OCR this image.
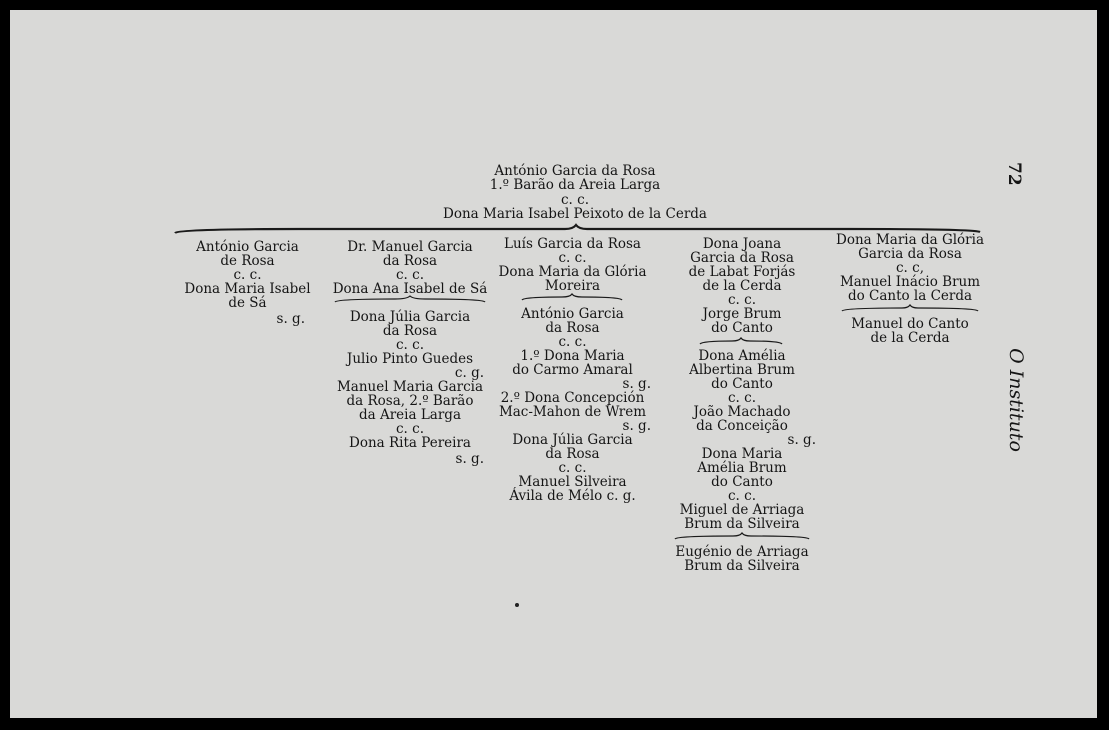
72
O Instituto
António Garcia da Rosa
1.º Barão da Areia Larga
c. c.
Dona Maria Isabel Peixoto de la Cerda
António Garcia
de Rosa
c. c.
Dona Maria Isabel
de Sá
s. g.
Dr. Manuel Garcia
da Rosa
c. c.
Dona Ana Isabel de Sá
Dona Júlia Garcia
da Rosa
c. c.
Julio Pinto Guedes
c. g.
Manuel Maria Garcia
da Rosa, 2.º Barão
da Areia Larga
c. c.
Dona Rita Pereira
s. g.
Luís Garcia da Rosa
c. c.
Dona Maria da Glória
Moreira
António Garcia
da Rosa
c. c.
1.º Dona Maria
do Carmo Amaral
s. g.
2.º Dona Concepción
Mac-Mahon de Wrem
s. g.
Dona Júlia Garcia
da Rosa
c. c.
Manuel Silveira
Ávila de Mélo c. g.
Dona Joana
Garcia da Rosa
de Labat Forjás
de la Cerda
c. c.
Jorge Brum
do Canto
Dona Amélia
Albertina Brum
do Canto
c. c.
João Machado
da Conceição
s. g.
Dona Maria
Amélia Brum
do Canto
c. c.
Miguel de Arriaga
Brum da Silveira
Eugénio de Arriaga
Brum da Silveira
Dona Maria da Glória
Garcia da Rosa
c. c,
Manuel Inácio Brum
do Canto la Cerda
Manuel do Canto
de la Cerda
